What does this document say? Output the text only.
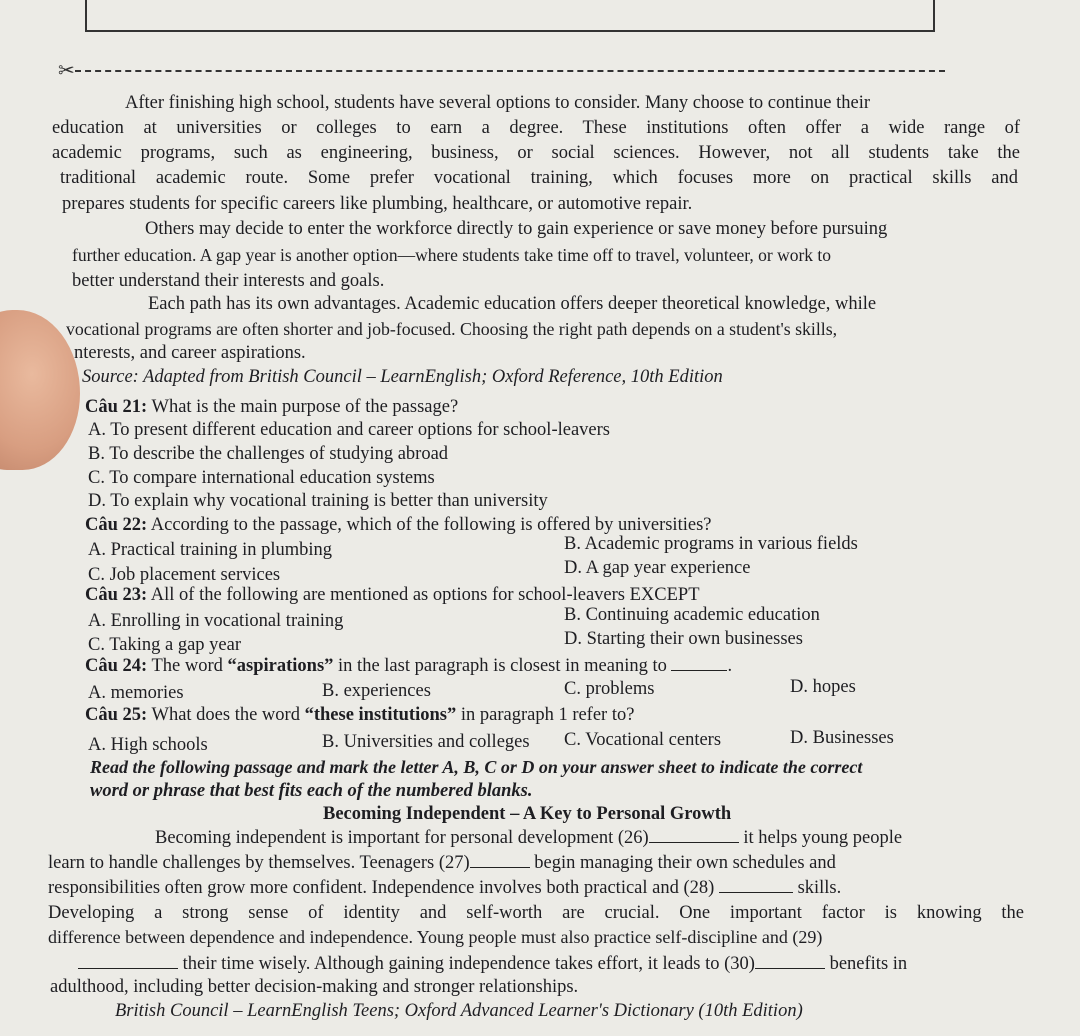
✂
After finishing high school, students have several options to consider. Many choose to continue their
education at universities or colleges to earn a degree. These institutions often offer a wide range of
academic programs, such as engineering, business, or social sciences. However, not all students take the
traditional academic route. Some prefer vocational training, which focuses more on practical skills and
prepares students for specific careers like plumbing, healthcare, or automotive repair.
Others may decide to enter the workforce directly to gain experience or save money before pursuing
further education. A gap year is another option—where students take time off to travel, volunteer, or work to
better understand their interests and goals.
Each path has its own advantages. Academic education offers deeper theoretical knowledge, while
vocational programs are often shorter and job-focused. Choosing the right path depends on a student's skills,
nterests, and career aspirations.
Source: Adapted from British Council – LearnEnglish; Oxford Reference, 10th Edition
Câu 21: What is the main purpose of the passage?
A. To present different education and career options for school-leavers
B. To describe the challenges of studying abroad
C. To compare international education systems
D. To explain why vocational training is better than university
Câu 22: According to the passage, which of the following is offered by universities?
A. Practical training in plumbing	B. Academic programs in various fields
C. Job placement services	D. A gap year experience
Câu 23: All of the following are mentioned as options for school-leavers EXCEPT
A. Enrolling in vocational training	B. Continuing academic education
C. Taking a gap year	D. Starting their own businesses
Câu 24: The word “aspirations” in the last paragraph is closest in meaning to	.
A. memories	B. experiences	C. problems	D. hopes
Câu 25: What does the word “these institutions” in paragraph 1 refer to?
A. High schools	B. Universities and colleges C. Vocational centers	D. Businesses
Read the following passage and mark the letter A, B, C or D on your answer sheet to indicate the correct
word or phrase that best fits each of the numbered blanks.
Becoming Independent – A Key to Personal Growth
Becoming independent is important for personal development (26)	it helps young people
learn to handle challenges by themselves. Teenagers (27)	begin managing their own schedules and
responsibilities often grow more confident. Independence involves both practical and (28)	skills.
Developing a strong sense of identity and self-worth are crucial. One important factor is knowing the
difference between dependence and independence. Young people must also practice self-discipline and (29)
their time wisely. Although gaining independence takes effort, it leads to (30)	benefits in
adulthood, including better decision-making and stronger relationships.
British Council – LearnEnglish Teens; Oxford Advanced Learner's Dictionary (10th Edition)
